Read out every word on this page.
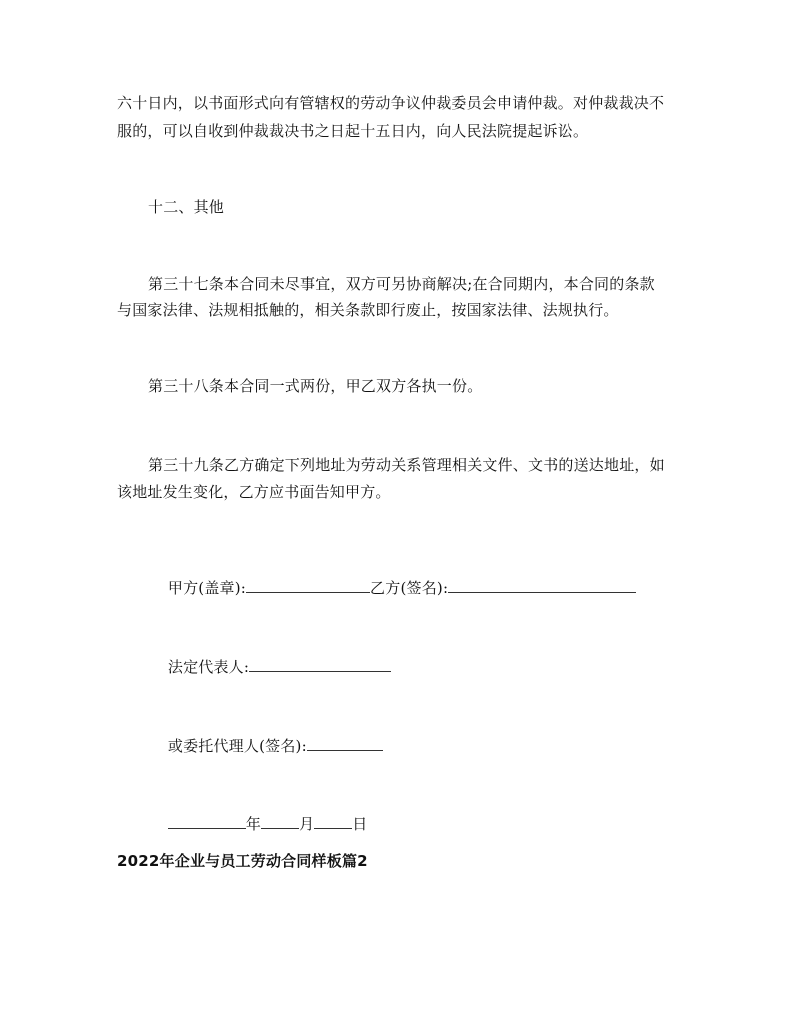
六十日内，以书面形式向有管辖权的劳动争议仲裁委员会申请仲裁。对仲裁裁决不
服的，可以自收到仲裁裁决书之日起十五日内，向人民法院提起诉讼。
十二、其他
第三十七条本合同未尽事宜，双方可另协商解决;在合同期内，本合同的条款
与国家法律、法规相抵触的，相关条款即行废止，按国家法律、法规执行。
第三十八条本合同一式两份，甲乙双方各执一份。
第三十九条乙方确定下列地址为劳动关系管理相关文件、文书的送达地址，如
该地址发生变化，乙方应书面告知甲方。

甲方(盖章):	乙方(签名):

法定代表人:

或委托代理人(签名):

年	月	日

2022年企业与员工劳动合同样板篇2
